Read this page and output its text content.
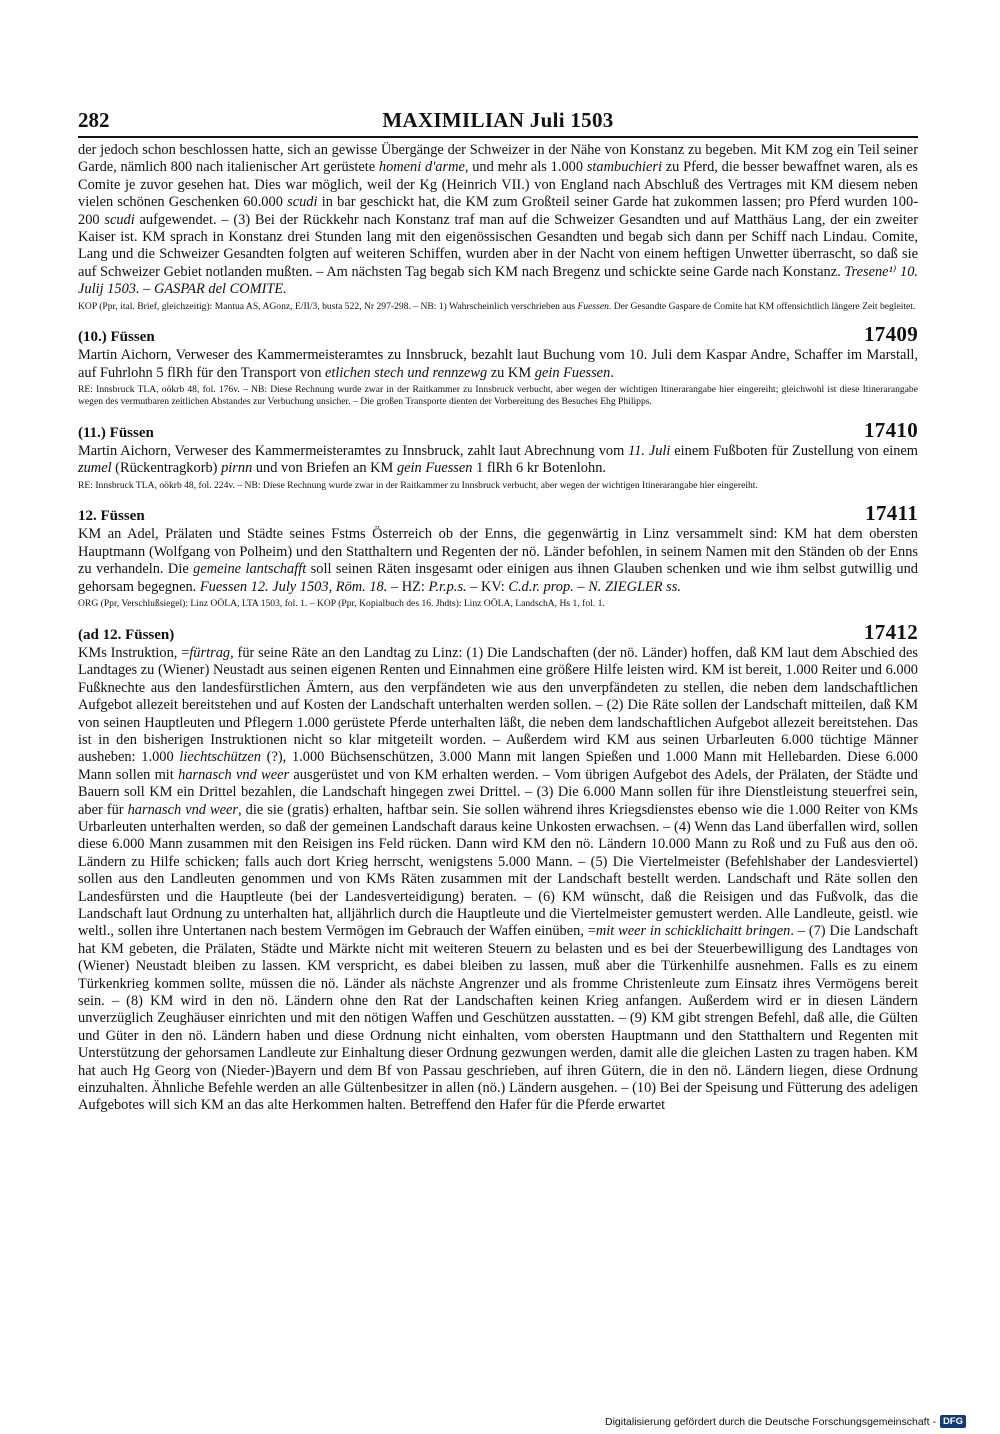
282	MAXIMILIAN Juli 1503

der jedoch schon beschlossen hatte, sich an gewisse Übergänge der Schweizer in der Nähe von Konstanz zu begeben. Mit KM zog ein Teil seiner Garde, nämlich 800 nach italienischer Art gerüstete homeni d'arme, und mehr als 1.000 stambuchieri zu Pferd, die besser bewaffnet waren, als es Comite je zuvor gesehen hat. Dies war möglich, weil der Kg (Heinrich VII.) von England nach Abschluß des Vertrages mit KM diesem neben vielen schönen Geschenken 60.000 scudi in bar geschickt hat, die KM zum Großteil seiner Garde hat zukommen lassen; pro Pferd wurden 100-200 scudi aufgewendet. – (3) Bei der Rückkehr nach Konstanz traf man auf die Schweizer Gesandten und auf Matthäus Lang, der ein zweiter Kaiser ist. KM sprach in Konstanz drei Stunden lang mit den eigenössischen Gesandten und begab sich dann per Schiff nach Lindau. Comite, Lang und die Schweizer Gesandten folgten auf weiteren Schiffen, wurden aber in der Nacht von einem heftigen Unwetter überrascht, so daß sie auf Schweizer Gebiet notlanden mußten. – Am nächsten Tag begab sich KM nach Bregenz und schickte seine Garde nach Konstanz. Tresene¹⁾ 10. Julij 1503. – GASPAR del COMITE.

KOP (Ppr, ital. Brief, gleichzeitig): Mantua AS, AGonz, E/II/3, busta 522, Nr 297-298. – NB: 1) Wahrscheinlich verschrieben aus Fuessen. Der Gesandte Gaspare de Comite hat KM offensichtlich längere Zeit begleitet.

(10.) Füssen	17409

Martin Aichorn, Verweser des Kammermeisteramtes zu Innsbruck, bezahlt laut Buchung vom 10. Juli dem Kaspar Andre, Schaffer im Marstall, auf Fuhrlohn 5 flRh für den Transport von etlichen stech und rennzewg zu KM gein Fuessen.

RE: Innsbruck TLA, oökrb 48, fol. 176v. – NB: Diese Rechnung wurde zwar in der Raitkammer zu Innsbruck verbucht, aber wegen der wichtigen Itinerarangabe hier eingereiht; gleichwohl ist diese Itinerarangabe wegen des vermutbaren zeitlichen Abstandes zur Verbuchung unsicher. – Die großen Transporte dienten der Vorbereitung des Besuches Ehg Philipps.

(11.) Füssen	17410

Martin Aichorn, Verweser des Kammermeisteramtes zu Innsbruck, zahlt laut Abrechnung vom 11. Juli einem Fußboten für Zustellung von einem zumel (Rückentragkorb) pirnn und von Briefen an KM gein Fuessen 1 flRh 6 kr Botenlohn.

RE: Innsbruck TLA, oökrb 48, fol. 224v. – NB: Diese Rechnung wurde zwar in der Raitkammer zu Innsbruck verbucht, aber wegen der wichtigen Itinerarangabe hier eingereiht.

12. Füssen	17411

KM an Adel, Prälaten und Städte seines Fstms Österreich ob der Enns, die gegenwärtig in Linz versammelt sind: KM hat dem obersten Hauptmann (Wolfgang von Polheim) und den Statthaltern und Regenten der nö. Länder befohlen, in seinem Namen mit den Ständen ob der Enns zu verhandeln. Die gemeine lantschafft soll seinen Räten insgesamt oder einigen aus ihnen Glauben schenken und wie ihm selbst gutwillig und gehorsam begegnen. Fuessen 12. July 1503, Röm. 18. – HZ: P.r.p.s. – KV: C.d.r. prop. – N. ZIEGLER ss.

ORG (Ppr, Verschlußsiegel): Linz OÖLA, LTA 1503, fol. 1. – KOP (Ppr, Kopialbuch des 16. Jhdts): Linz OÖLA, LandschA, Hs 1, fol. 1.

(ad 12. Füssen)	17412

KMs Instruktion, =fürtrag, für seine Räte an den Landtag zu Linz: (1) Die Landschaften (der nö. Länder) hoffen, daß KM laut dem Abschied des Landtages zu (Wiener) Neustadt aus seinen eigenen Renten und Einnahmen eine größere Hilfe leisten wird. KM ist bereit, 1.000 Reiter und 6.000 Fußknechte aus den landesfürstlichen Ämtern, aus den verpfändeten wie aus den unverpfändeten zu stellen, die neben dem landschaftlichen Aufgebot allezeit bereitstehen und auf Kosten der Landschaft unterhalten werden sollen. – (2) Die Räte sollen der Landschaft mitteilen, daß KM von seinen Hauptleuten und Pflegern 1.000 gerüstete Pferde unterhalten läßt, die neben dem landschaftlichen Aufgebot allezeit bereitstehen. Das ist in den bisherigen Instruktionen nicht so klar mitgeteilt worden. – Außerdem wird KM aus seinen Urbarleuten 6.000 tüchtige Männer ausheben: 1.000 liechtschützen (?), 1.000 Büchsenschützen, 3.000 Mann mit langen Spießen und 1.000 Mann mit Hellebarden. Diese 6.000 Mann sollen mit harnasch vnd weer ausgerüstet und von KM erhalten werden. – Vom übrigen Aufgebot des Adels, der Prälaten, der Städte und Bauern soll KM ein Drittel bezahlen, die Landschaft hingegen zwei Drittel. – (3) Die 6.000 Mann sollen für ihre Dienstleistung steuerfrei sein, aber für harnasch vnd weer, die sie (gratis) erhalten, haftbar sein. Sie sollen während ihres Kriegsdienstes ebenso wie die 1.000 Reiter von KMs Urbarleuten unterhalten werden, so daß der gemeinen Landschaft daraus keine Unkosten erwachsen. – (4) Wenn das Land überfallen wird, sollen diese 6.000 Mann zusammen mit den Reisigen ins Feld rücken. Dann wird KM den nö. Ländern 10.000 Mann zu Roß und zu Fuß aus den oö. Ländern zu Hilfe schicken; falls auch dort Krieg herrscht, wenigstens 5.000 Mann. – (5) Die Viertelmeister (Befehlshaber der Landesviertel) sollen aus den Landleuten genommen und von KMs Räten zusammen mit der Landschaft bestellt werden. Landschaft und Räte sollen den Landesfürsten und die Hauptleute (bei der Landesverteidigung) beraten. – (6) KM wünscht, daß die Reisigen und das Fußvolk, das die Landschaft laut Ordnung zu unterhalten hat, alljährlich durch die Hauptleute und die Viertelmeister gemustert werden. Alle Landleute, geistl. wie weltl., sollen ihre Untertanen nach bestem Vermögen im Gebrauch der Waffen einüben, =mit weer in schicklichaitt bringen. – (7) Die Landschaft hat KM gebeten, die Prälaten, Städte und Märkte nicht mit weiteren Steuern zu belasten und es bei der Steuerbewilligung des Landtages von (Wiener) Neustadt bleiben zu lassen. KM verspricht, es dabei bleiben zu lassen, muß aber die Türkenhilfe ausnehmen. Falls es zu einem Türkenkrieg kommen sollte, müssen die nö. Länder als nächste Angrenzer und als fromme Christenleute zum Einsatz ihres Vermögens bereit sein. – (8) KM wird in den nö. Ländern ohne den Rat der Landschaften keinen Krieg anfangen. Außerdem wird er in diesen Ländern unverzüglich Zeughäuser einrichten und mit den nötigen Waffen und Geschützen ausstatten. – (9) KM gibt strengen Befehl, daß alle, die Gülten und Güter in den nö. Ländern haben und diese Ordnung nicht einhalten, vom obersten Hauptmann und den Statthaltern und Regenten mit Unterstützung der gehorsamen Landleute zur Einhaltung dieser Ordnung gezwungen werden, damit alle die gleichen Lasten zu tragen haben. KM hat auch Hg Georg von (Nieder-)Bayern und dem Bf von Passau geschrieben, auf ihren Gütern, die in den nö. Ländern liegen, diese Ordnung einzuhalten. Ähnliche Befehle werden an alle Gültenbesitzer in allen (nö.) Ländern ausgehen. – (10) Bei der Speisung und Fütterung des adeligen Aufgebotes will sich KM an das alte Herkommen halten. Betreffend den Hafer für die Pferde erwartet

Digitalisierung gefördert durch die Deutsche Forschungsgemeinschaft - DFG
